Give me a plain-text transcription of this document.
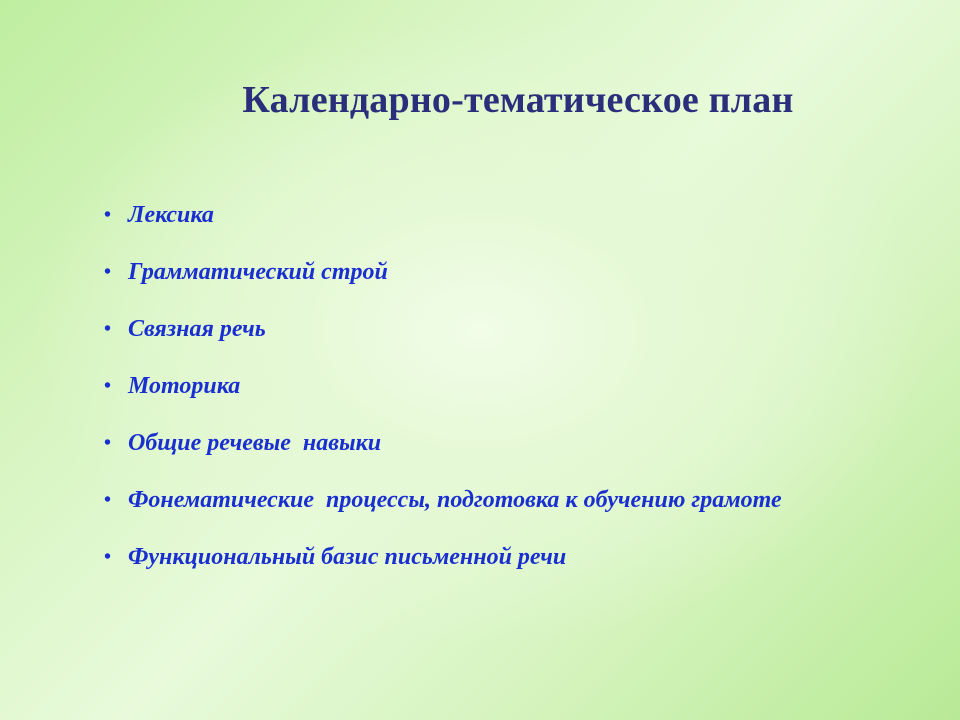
Календарно-тематическое план
• Лексика
• Грамматический строй
• Связная речь
• Моторика
• Общие речевые  навыки
• Фонематические  процессы, подготовка к обучению грамоте
• Функциональный базис письменной речи
